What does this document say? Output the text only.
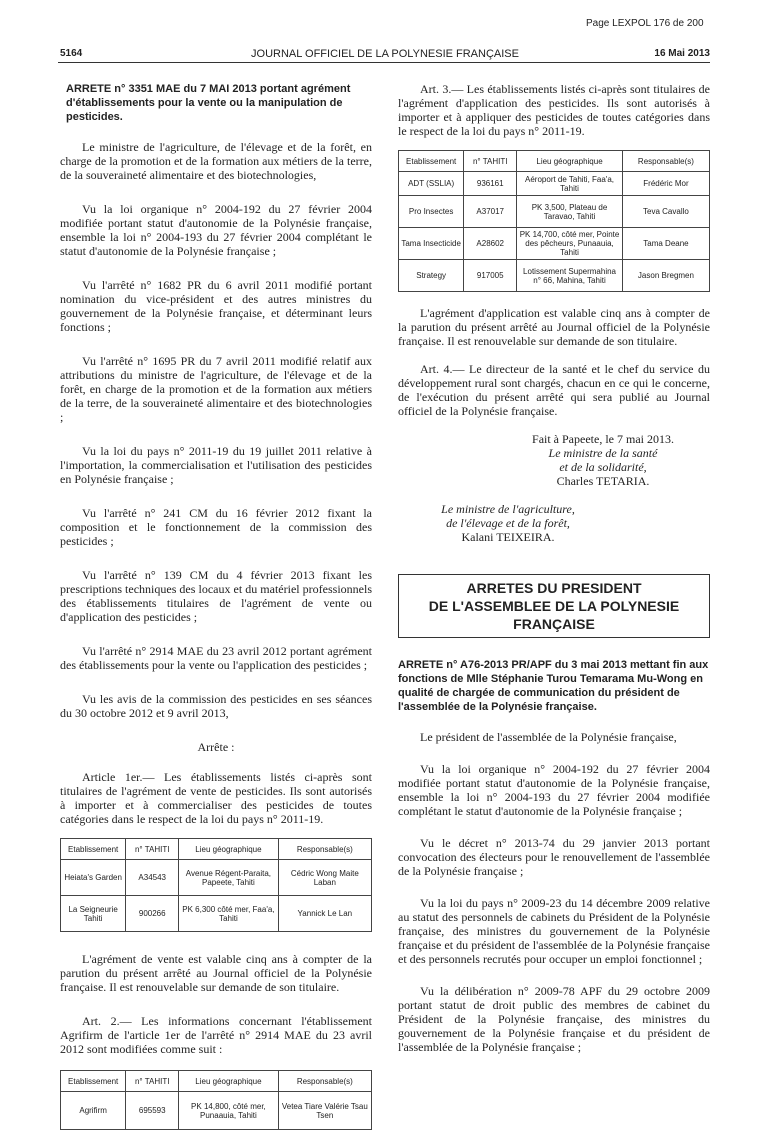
Page LEXPOL 176 de 200
5164	JOURNAL OFFICIEL DE LA POLYNESIE FRANÇAISE	16 Mai 2013

ARRETE n° 3351 MAE du 7 MAI 2013 portant agrément d'établissements pour la vente ou la manipulation de pesticides.

Le ministre de l'agriculture, de l'élevage et de la forêt, en charge de la promotion et de la formation aux métiers de la terre, de la souveraineté alimentaire et des biotechnologies,

Vu la loi organique n° 2004-192 du 27 février 2004 modifiée portant statut d'autonomie de la Polynésie française, ensemble la loi n° 2004-193 du 27 février 2004 complétant le statut d'autonomie de la Polynésie française ;

Vu l'arrêté n° 1682 PR du 6 avril 2011 modifié portant nomination du vice-président et des autres ministres du gouvernement de la Polynésie française, et déterminant leurs fonctions ;

Vu l'arrêté n° 1695 PR du 7 avril 2011 modifié relatif aux attributions du ministre de l'agriculture, de l'élevage et de la forêt, en charge de la promotion et de la formation aux métiers de la terre, de la souveraineté alimentaire et des biotechnologies ;

Vu la loi du pays n° 2011-19 du 19 juillet 2011 relative à l'importation, la commercialisation et l'utilisation des pesticides en Polynésie française ;

Vu l'arrêté n° 241 CM du 16 février 2012 fixant la composition et le fonctionnement de la commission des pesticides ;

Vu l'arrêté n° 139 CM du 4 février 2013 fixant les prescriptions techniques des locaux et du matériel professionnels des établissements titulaires de l'agrément de vente ou d'application des pesticides ;

Vu l'arrêté n° 2914 MAE du 23 avril 2012 portant agrément des établissements pour la vente ou l'application des pesticides ;

Vu les avis de la commission des pesticides en ses séances du 30 octobre 2012 et 9 avril 2013,

Arrête :

Article 1er.— Les établissements listés ci-après sont titulaires de l'agrément de vente de pesticides. Ils sont autorisés à importer et à commercialiser des pesticides de toutes catégories dans le respect de la loi du pays n° 2011-19.

Etablissement	n° TAHITI	Lieu géographique	Responsable(s)
Heiata's Garden	A34543	Avenue Régent-Paraita, Papeete, Tahiti	Cédric Wong Maite Laban
La Seigneurie Tahiti	900266	PK 6,300 côté mer, Faa'a, Tahiti	Yannick Le Lan

L'agrément de vente est valable cinq ans à compter de la parution du présent arrêté au Journal officiel de la Polynésie française. Il est renouvelable sur demande de son titulaire.

Art. 2.— Les informations concernant l'établissement Agrifirm de l'article 1er de l'arrêté n° 2914 MAE du 23 avril 2012 sont modifiées comme suit :

Etablissement	n° TAHITI	Lieu géographique	Responsable(s)
Agrifirm	695593	PK 14,800, côté mer, Punaauia, Tahiti	Vetea Tiare Valérie Tsau Tsen

Art. 3.— Les établissements listés ci-après sont titulaires de l'agrément d'application des pesticides. Ils sont autorisés à importer et à appliquer des pesticides de toutes catégories dans le respect de la loi du pays n° 2011-19.

Etablissement	n° TAHITI	Lieu géographique	Responsable(s)
ADT (SSLIA)	936161	Aéroport de Tahiti, Faa'a, Tahiti	Frédéric Mor
Pro Insectes	A37017	PK 3,500, Plateau de Taravao, Tahiti	Teva Cavallo
Tama Insecticide	A28602	PK 14,700, côté mer, Pointe des pêcheurs, Punaauia, Tahiti	Tama Deane
Strategy	917005	Lotissement Supermahina n° 66, Mahina, Tahiti	Jason Bregmen

L'agrément d'application est valable cinq ans à compter de la parution du présent arrêté au Journal officiel de la Polynésie française. Il est renouvelable sur demande de son titulaire.

Art. 4.— Le directeur de la santé et le chef du service du développement rural sont chargés, chacun en ce qui le concerne, de l'exécution du présent arrêté qui sera publié au Journal officiel de la Polynésie française.

Fait à Papeete, le 7 mai 2013.

Le ministre de la santé

et de la solidarité,

Charles TETARIA.

Le ministre de l'agriculture,

de l'élevage et de la forêt,

Kalani TEIXEIRA.

ARRETES DU PRESIDENT
DE L'ASSEMBLEE DE LA POLYNESIE FRANÇAISE

ARRETE n° A76-2013 PR/APF du 3 mai 2013 mettant fin aux fonctions de Mlle Stéphanie Turou Temarama Mu-Wong en qualité de chargée de communication du président de l'assemblée de la Polynésie française.

Le président de l'assemblée de la Polynésie française,

Vu la loi organique n° 2004-192 du 27 février 2004 modifiée portant statut d'autonomie de la Polynésie française, ensemble la loi n° 2004-193 du 27 février 2004 modifiée complétant le statut d'autonomie de la Polynésie française ;

Vu le décret n° 2013-74 du 29 janvier 2013 portant convocation des électeurs pour le renouvellement de l'assemblée de la Polynésie française ;

Vu la loi du pays n° 2009-23 du 14 décembre 2009 relative au statut des personnels de cabinets du Président de la Polynésie française, des ministres du gouvernement de la Polynésie française et du président de l'assemblée de la Polynésie française et des personnels recrutés pour occuper un emploi fonctionnel ;

Vu la délibération n° 2009-78 APF du 29 octobre 2009 portant statut de droit public des membres de cabinet du Président de la Polynésie française, des ministres du gouvernement de la Polynésie française et du président de l'assemblée de la Polynésie française ;
